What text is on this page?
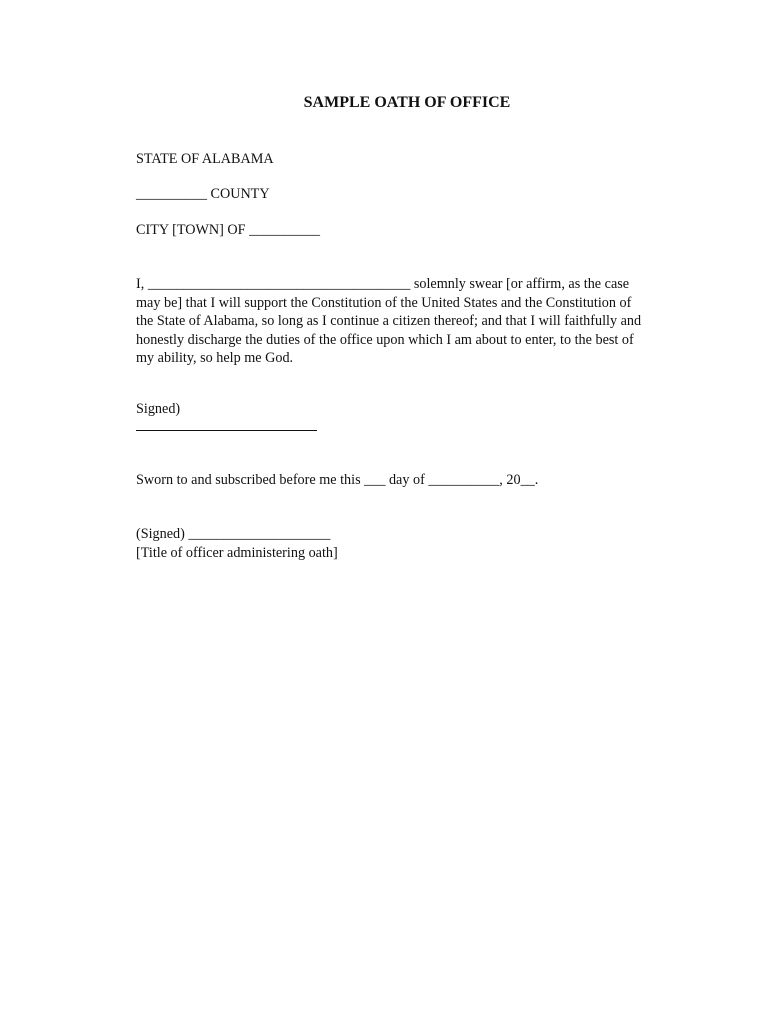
SAMPLE OATH OF OFFICE

STATE OF ALABAMA

__________ COUNTY

CITY [TOWN] OF __________

I, _____________________________________ solemnly swear [or affirm, as the case
may be] that I will support the Constitution of the United States and the Constitution of
the State of Alabama, so long as I continue a citizen thereof; and that I will faithfully and
honestly discharge the duties of the office upon which I am about to enter, to the best of
my ability, so help me God.

Signed)

Sworn to and subscribed before me this ___ day of __________, 20__.

(Signed) ____________________

[Title of officer administering oath]
